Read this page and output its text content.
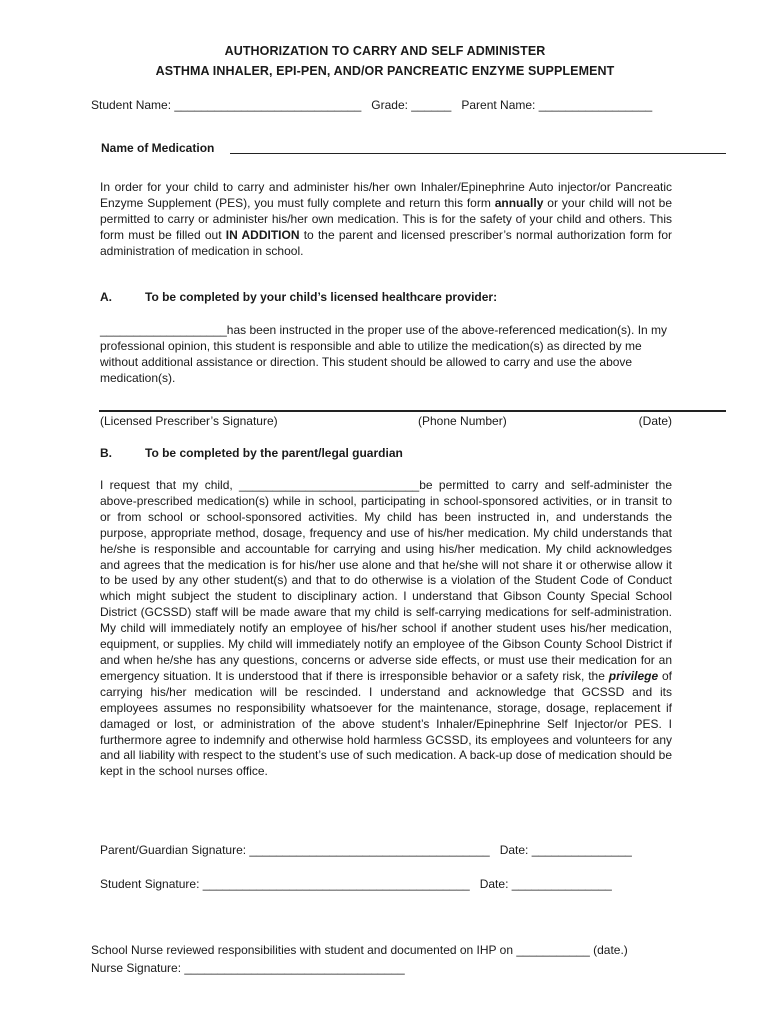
AUTHORIZATION TO CARRY AND SELF ADMINISTER
ASTHMA INHALER, EPI-PEN, AND/OR PANCREATIC ENZYME SUPPLEMENT
Student Name: ____________________________ Grade: ______ Parent Name: _________________
Name of Medication

In order for your child to carry and administer his/her own Inhaler/Epinephrine Auto injector/or Pancreatic Enzyme Supplement (PES), you must fully complete and return this form annually or your child will not be permitted to carry or administer his/her own medication. This is for the safety of your child and others. This form must be filled out IN ADDITION to the parent and licensed prescriber’s normal authorization form for administration of medication in school.

A.	To be completed by your child’s licensed healthcare provider:
___________________has been instructed in the proper use of the above-referenced medication(s). In my professional opinion, this student is responsible and able to utilize the medication(s) as directed by me without additional assistance or direction. This student should be allowed to carry and use the above medication(s).
(Licensed Prescriber’s Signature)	(Phone Number)	(Date)
B.	To be completed by the parent/legal guardian

I request that my child, ___________________________be permitted to carry and self-administer the above-prescribed medication(s) while in school, participating in school-sponsored activities, or in transit to or from school or school-sponsored activities. My child has been instructed in, and understands the purpose, appropriate method, dosage, frequency and use of his/her medication. My child understands that he/she is responsible and accountable for carrying and using his/her medication. My child acknowledges and agrees that the medication is for his/her use alone and that he/she will not share it or otherwise allow it to be used by any other student(s) and that to do otherwise is a violation of the Student Code of Conduct which might subject the student to disciplinary action. I understand that Gibson County Special School District (GCSSD) staff will be made aware that my child is self-carrying medications for self-administration. My child will immediately notify an employee of his/her school if another student uses his/her medication, equipment, or supplies. My child will immediately notify an employee of the Gibson County School District if and when he/she has any questions, concerns or adverse side effects, or must use their medication for an emergency situation. It is understood that if there is irresponsible behavior or a safety risk, the privilege of carrying his/her medication will be rescinded. I understand and acknowledge that GCSSD and its employees assumes no responsibility whatsoever for the maintenance, storage, dosage, replacement if damaged or lost, or administration of the above student’s Inhaler/Epinephrine Self Injector/or PES. I furthermore agree to indemnify and otherwise hold harmless GCSSD, its employees and volunteers for any and all liability with respect to the student’s use of such medication. A back-up dose of medication should be kept in the school nurses office.

Parent/Guardian Signature: ____________________________________ Date: _______________
Student Signature: ________________________________________ Date: _______________
School Nurse reviewed responsibilities with student and documented on IHP on ___________ (date.)
Nurse Signature: _________________________________
